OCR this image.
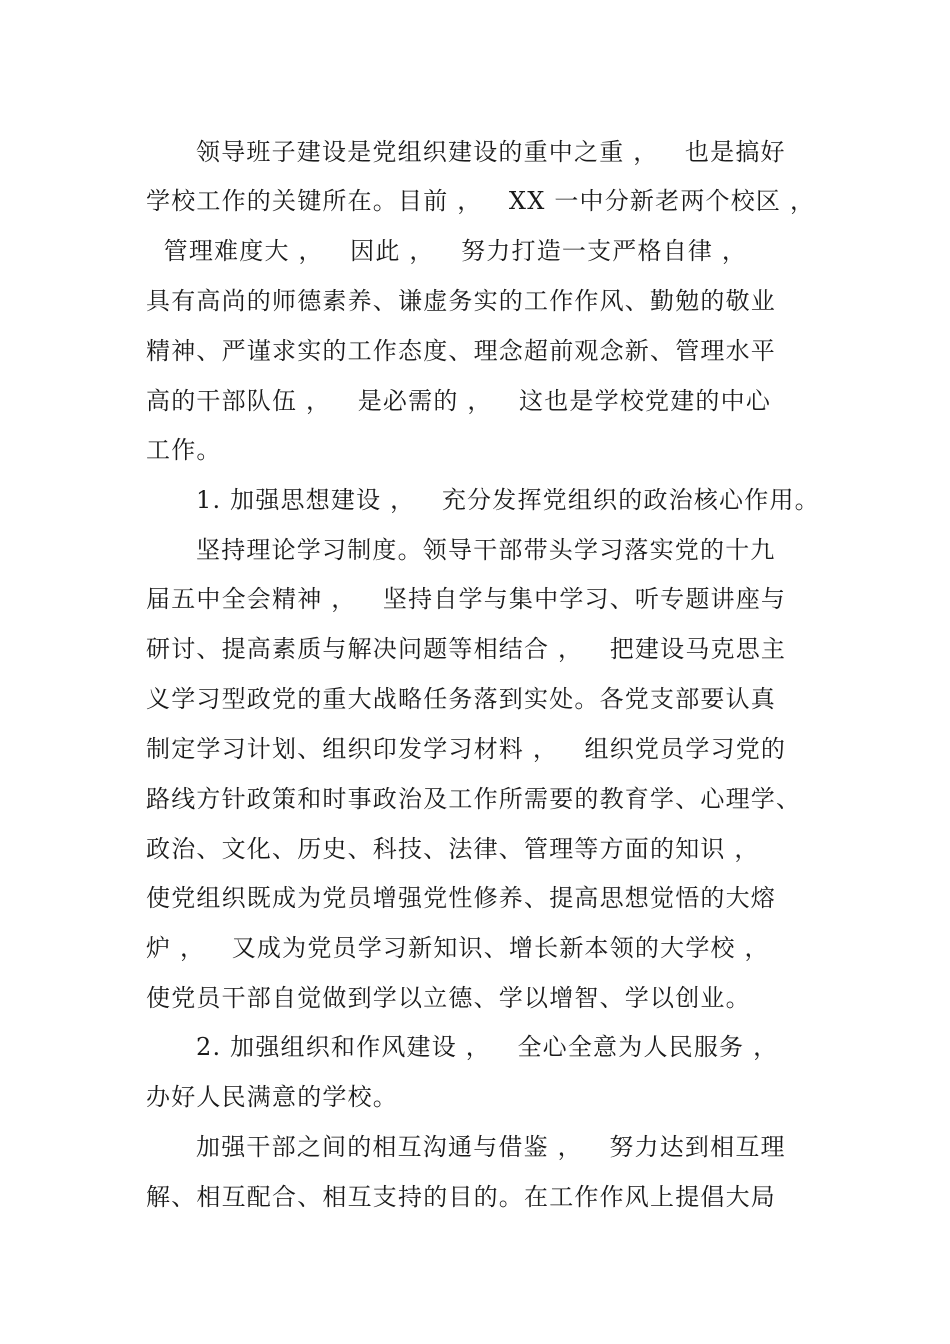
领导班子建设是党组织建设的重中之重 ，   也是搞好
学校工作的关键所在。目前 ，   XX 一中分新老两个校区 ，
管理难度大 ，   因此 ，   努力打造一支严格自律 ，
具有高尚的师德素养、谦虚务实的工作作风、勤勉的敬业
精神、严谨求实的工作态度、理念超前观念新、管理水平
高的干部队伍 ，   是必需的 ，   这也是学校党建的中心
工作。
1. 加强思想建设 ，   充分发挥党组织的政治核心作用。
坚持理论学习制度。领导干部带头学习落实党的十九
届五中全会精神 ，   坚持自学与集中学习、听专题讲座与
研讨、提高素质与解决问题等相结合 ，   把建设马克思主
义学习型政党的重大战略任务落到实处。各党支部要认真
制定学习计划、组织印发学习材料 ，   组织党员学习党的
路线方针政策和时事政治及工作所需要的教育学、心理学、
政治、文化、历史、科技、法律、管理等方面的知识 ，
使党组织既成为党员增强党性修养、提高思想觉悟的大熔
炉 ，   又成为党员学习新知识、增长新本领的大学校 ，
使党员干部自觉做到学以立德、学以增智、学以创业。
2. 加强组织和作风建设 ，   全心全意为人民服务 ，
办好人民满意的学校。
加强干部之间的相互沟通与借鉴 ，   努力达到相互理
解、相互配合、相互支持的目的。在工作作风上提倡大局
